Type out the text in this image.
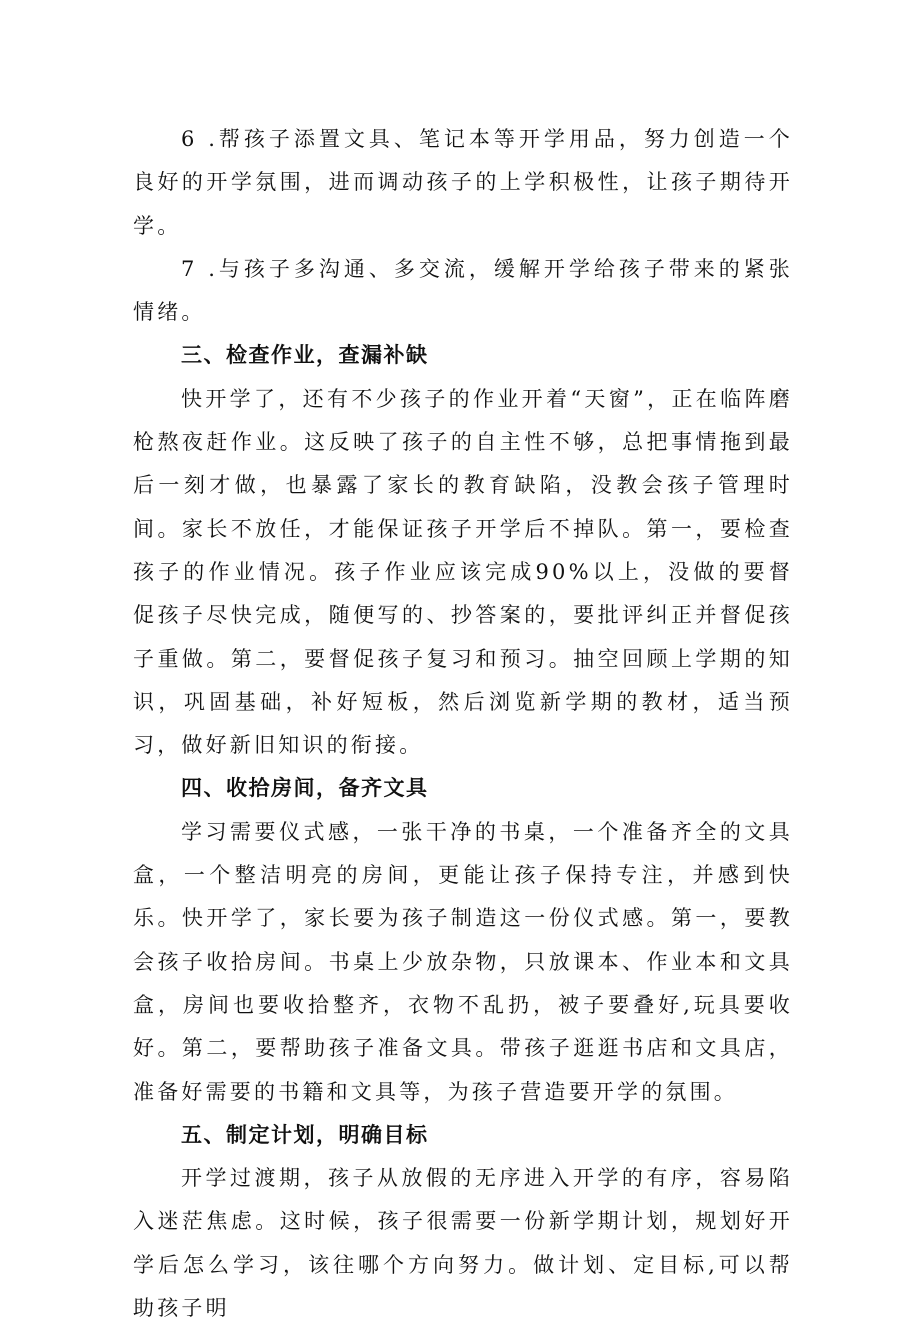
6 .帮孩子添置文具、笔记本等开学用品，努力创造一个良好的开学氛围，进而调动孩子的上学积极性，让孩子期待开学。

7 .与孩子多沟通、多交流，缓解开学给孩子带来的紧张情绪。

三、检查作业，查漏补缺

快开学了，还有不少孩子的作业开着“天窗”，正在临阵磨枪熬夜赶作业。这反映了孩子的自主性不够，总把事情拖到最后一刻才做，也暴露了家长的教育缺陷，没教会孩子管理时间。家长不放任，才能保证孩子开学后不掉队。第一，要检查孩子的作业情况。孩子作业应该完成90%以上，没做的要督促孩子尽快完成，随便写的、抄答案的，要批评纠正并督促孩子重做。第二，要督促孩子复习和预习。抽空回顾上学期的知识，巩固基础，补好短板，然后浏览新学期的教材，适当预习，做好新旧知识的衔接。

四、收拾房间，备齐文具

学习需要仪式感，一张干净的书桌，一个准备齐全的文具盒，一个整洁明亮的房间，更能让孩子保持专注，并感到快乐。快开学了，家长要为孩子制造这一份仪式感。第一，要教会孩子收拾房间。书桌上少放杂物，只放课本、作业本和文具盒，房间也要收拾整齐，衣物不乱扔，被子要叠好,玩具要收好。第二，要帮助孩子准备文具。带孩子逛逛书店和文具店，准备好需要的书籍和文具等，为孩子营造要开学的氛围。

五、制定计划，明确目标

开学过渡期，孩子从放假的无序进入开学的有序，容易陷入迷茫焦虑。这时候，孩子很需要一份新学期计划，规划好开学后怎么学习，该往哪个方向努力。做计划、定目标,可以帮助孩子明
